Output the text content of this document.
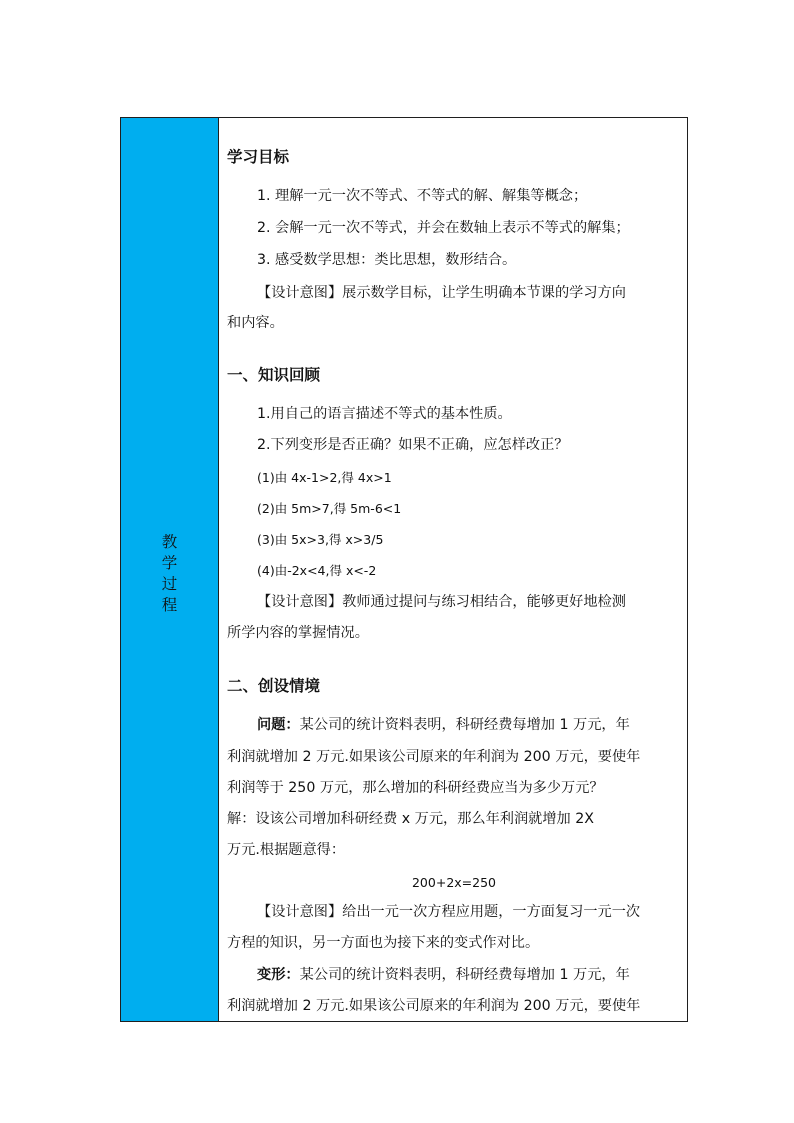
教
学
过
程
学习目标
1. 理解一元一次不等式、不等式的解、解集等概念；
2. 会解一元一次不等式，并会在数轴上表示不等式的解集；
3. 感受数学思想：类比思想，数形结合。
【设计意图】展示数学目标，让学生明确本节课的学习方向
和内容。
一、知识回顾
1.用自己的语言描述不等式的基本性质。
2.下列变形是否正确？如果不正确，应怎样改正？
(1)由 4x-1>2,得 4x>1
(2)由 5m>7,得 5m-6<1
(3)由 5x>3,得 x>3/5
(4)由-2x<4,得 x<-2
【设计意图】教师通过提问与练习相结合，能够更好地检测
所学内容的掌握情况。
二、创设情境
问题：某公司的统计资料表明，科研经费每增加 1 万元，年
利润就增加 2 万元.如果该公司原来的年利润为 200 万元，要使年
利润等于 250 万元，那么增加的科研经费应当为多少万元？
解：设该公司增加科研经费 x 万元，那么年利润就增加 2X
万元.根据题意得：
200+2x=250
【设计意图】给出一元一次方程应用题，一方面复习一元一次
方程的知识，另一方面也为接下来的变式作对比。
变形：某公司的统计资料表明，科研经费每增加 1 万元，年
利润就增加 2 万元.如果该公司原来的年利润为 200 万元，要使年
